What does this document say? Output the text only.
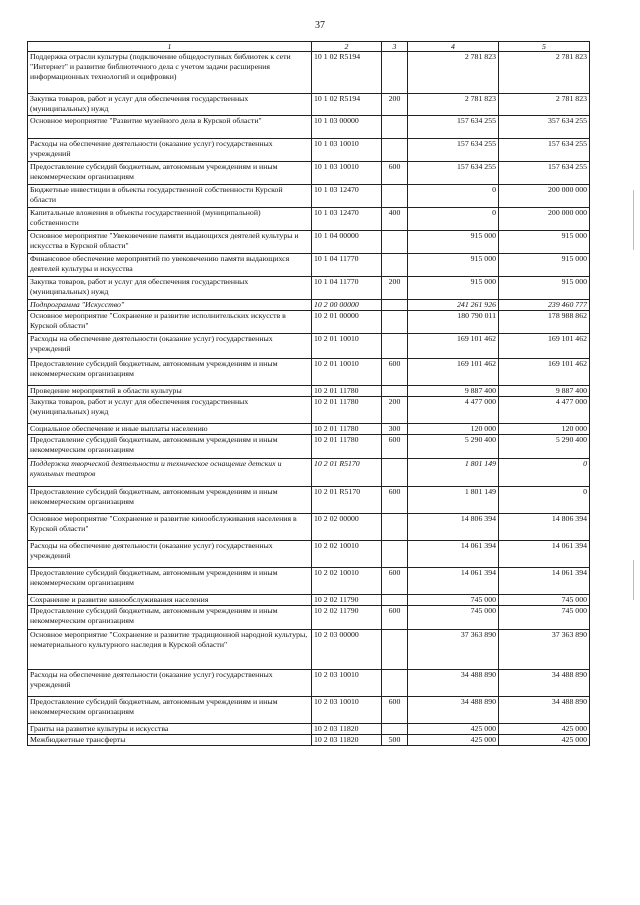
37
1	2	3	4	5
Поддержка отрасли культуры (подключение общедоступных библиотек к сети "Интернет" и развитие библиотечного дела с учетом задачи расширения информационных технологий и оцифровки)	10 1 02 R5194		2 781 823	2 781 823
Закупка товаров, работ и услуг для обеспечения государственных (муниципальных) нужд	10 1 02 R5194	200	2 781 823	2 781 823
Основное мероприятие "Развитие музейного дела в Курской области"	10 1 03 00000		157 634 255	357 634 255
Расходы на обеспечение деятельности (оказание услуг) государственных учреждений	10 1 03 10010		157 634 255	157 634 255
Предоставление субсидий бюджетным, автономным учреждениям и иным некоммерческим организациям	10 1 03 10010	600	157 634 255	157 634 255
Бюджетные инвестиции в объекты государственной собственности Курской области	10 1 03 12470		0	200 000 000
Капитальные вложения в объекты государственной (муниципальной) собственности	10 1 03 12470	400	0	200 000 000
Основное мероприятие "Увековечение памяти выдающихся деятелей культуры и искусства в Курской области"	10 1 04 00000		915 000	915 000
Финансовое обеспечение мероприятий по увековечению памяти выдающихся деятелей культуры и искусства	10 1 04 11770		915 000	915 000
Закупка товаров, работ и услуг для обеспечения государственных (муниципальных) нужд	10 1 04 11770	200	915 000	915 000
Подпрограмма "Искусство"	10 2 00 00000		241 261 926	239 460 777
Основное мероприятие "Сохранение и развитие исполнительских искусств в Курской области"	10 2 01 00000		180 790 011	178 988 862
Расходы на обеспечение деятельности (оказание услуг) государственных учреждений	10 2 01 10010		169 101 462	169 101 462
Предоставление субсидий бюджетным, автономным учреждениям и иным некоммерческим организациям	10 2 01 10010	600	169 101 462	169 101 462
Проведение мероприятий в области культуры	10 2 01 11780		9 887 400	9 887 400
Закупка товаров, работ и услуг для обеспечения государственных (муниципальных) нужд	10 2 01 11780	200	4 477 000	4 477 000
Социальное обеспечение и иные выплаты населению	10 2 01 11780	300	120 000	120 000
Предоставление субсидий бюджетным, автономным учреждениям и иным некоммерческим организациям	10 2 01 11780	600	5 290 400	5 290 400
Поддержка творческой деятельности и техническое оснащение детских и кукольных театров	10 2 01 R5170		1 801 149	0
Предоставление субсидий бюджетным, автономным учреждениям и иным некоммерческим организациям	10 2 01 R5170	600	1 801 149	0
Основное мероприятие "Сохранение и развитие кинообслуживания населения в Курской области"	10 2 02 00000		14 806 394	14 806 394
Расходы на обеспечение деятельности (оказание услуг) государственных учреждений	10 2 02 10010		14 061 394	14 061 394
Предоставление субсидий бюджетным, автономным учреждениям и иным некоммерческим организациям	10 2 02 10010	600	14 061 394	14 061 394
Сохранение и развитие кинообслуживания населения	10 2 02 11790		745 000	745 000
Предоставление субсидий бюджетным, автономным учреждениям и иным некоммерческим организациям	10 2 02 11790	600	745 000	745 000
Основное мероприятие "Сохранение и развитие традиционной народной культуры, нематериального культурного наследия в Курской области"	10 2 03 00000		37 363 890	37 363 890
Расходы на обеспечение деятельности (оказание услуг) государственных учреждений	10 2 03 10010		34 488 890	34 488 890
Предоставление субсидий бюджетным, автономным учреждениям и иным некоммерческим организациям	10 2 03 10010	600	34 488 890	34 488 890
Гранты на развитие культуры и искусства	10 2 03 11820		425 000	425 000
Межбюджетные трансферты	10 2 03 11820	500	425 000	425 000
